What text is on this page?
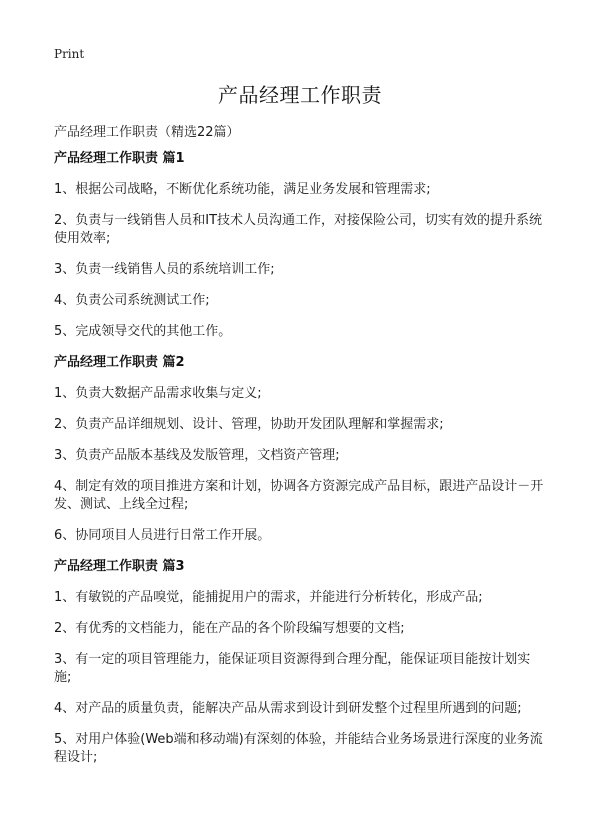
Print
产品经理工作职责
产品经理工作职责（精选22篇）
产品经理工作职责 篇1
1、根据公司战略，不断优化系统功能，满足业务发展和管理需求;
2、负责与一线销售人员和IT技术人员沟通工作，对接保险公司，切实有效的提升系统使用效率;
3、负责一线销售人员的系统培训工作;
4、负责公司系统测试工作;
5、完成领导交代的其他工作。
产品经理工作职责 篇2
1、负责大数据产品需求收集与定义;
2、负责产品详细规划、设计、管理，协助开发团队理解和掌握需求;
3、负责产品版本基线及发版管理，文档资产管理;
4、制定有效的项目推进方案和计划，协调各方资源完成产品目标，跟进产品设计－开发、测试、上线全过程;
6、协同项目人员进行日常工作开展。
产品经理工作职责 篇3
1、有敏锐的产品嗅觉，能捕捉用户的需求，并能进行分析转化，形成产品;
2、有优秀的文档能力，能在产品的各个阶段编写想要的文档;
3、有一定的项目管理能力，能保证项目资源得到合理分配，能保证项目能按计划实施;
4、对产品的质量负责，能解决产品从需求到设计到研发整个过程里所遇到的问题;
5、对用户体验(Web端和移动端)有深刻的体验，并能结合业务场景进行深度的业务流程设计;
